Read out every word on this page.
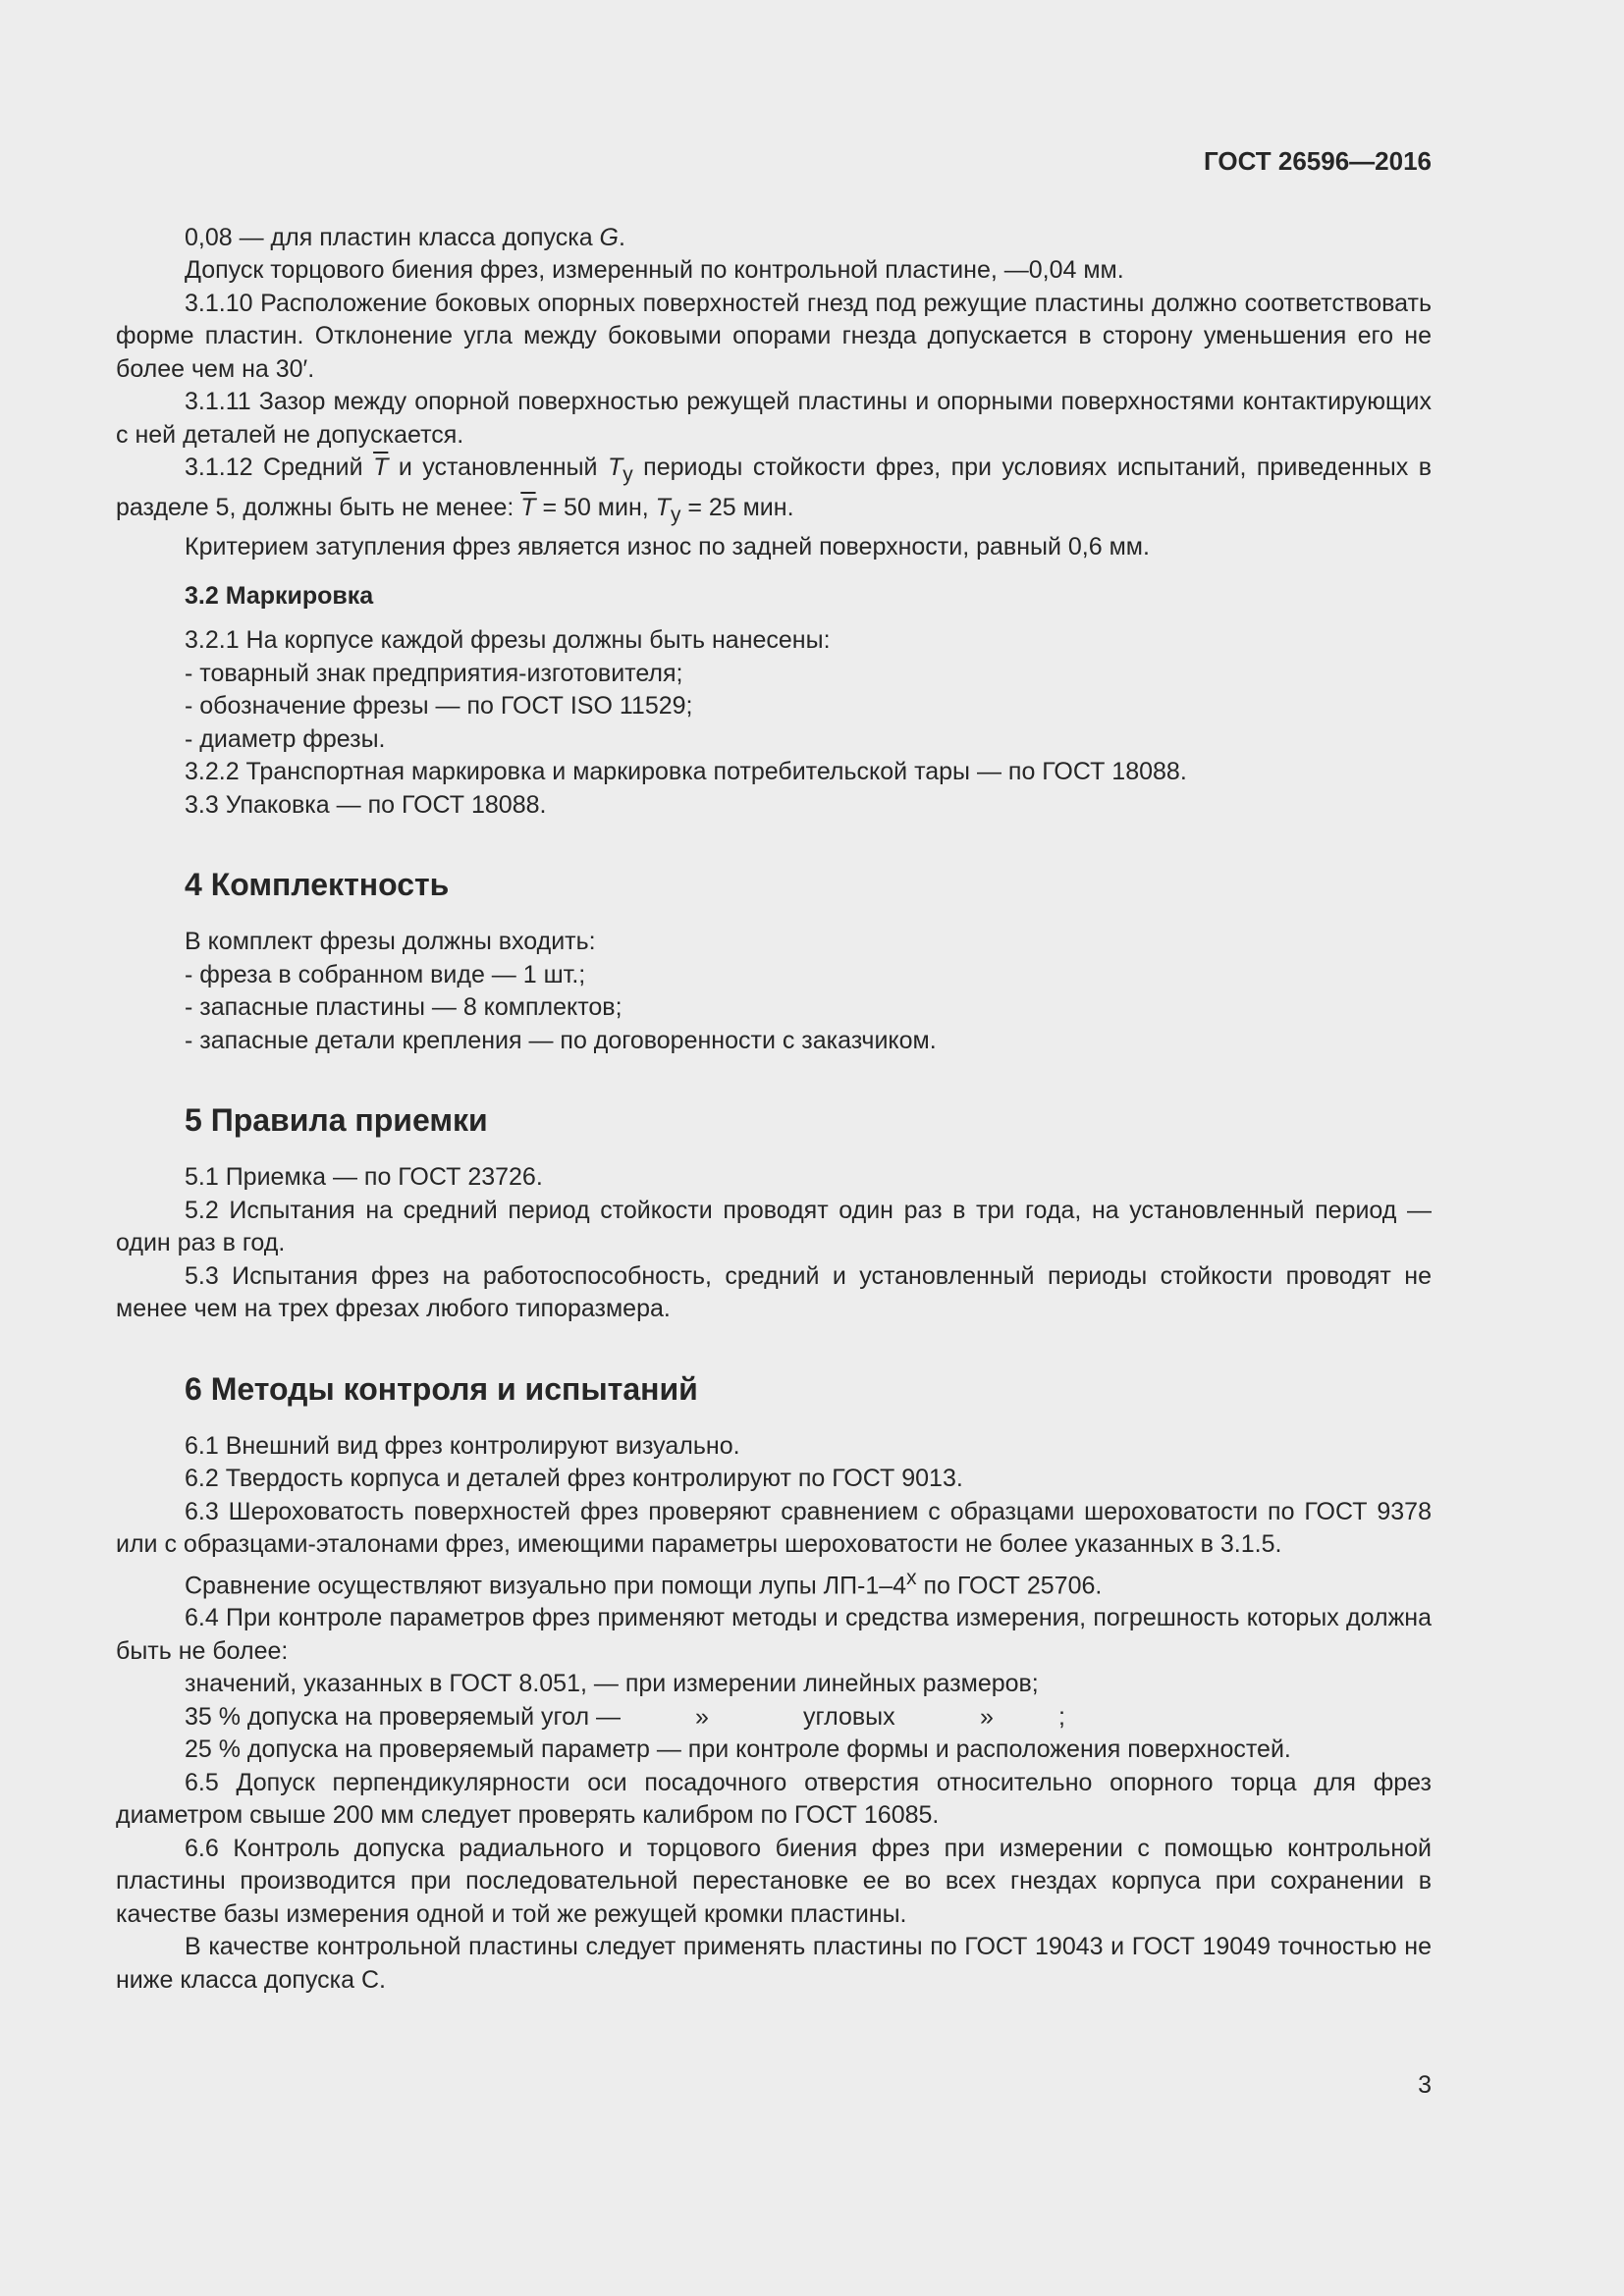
ГОСТ 26596—2016

0,08 — для пластин класса допуска G.

Допуск торцового биения фрез, измеренный по контрольной пластине, —0,04 мм.

3.1.10 Расположение боковых опорных поверхностей гнезд под режущие пластины должно соответствовать форме пластин. Отклонение угла между боковыми опорами гнезда допускается в сторону уменьшения его не более чем на 30′.

3.1.11 Зазор между опорной поверхностью режущей пластины и опорными поверхностями контактирующих с ней деталей не допускается.

3.1.12 Средний $\overline{T}$ и установленный $T_у$ периоды стойкости фрез, при условиях испытаний, приведенных в разделе 5, должны быть не менее: $\overline{T} = 50$ мин, $T_у = 25$ мин.

Критерием затупления фрез является износ по задней поверхности, равный 0,6 мм.

3.2 Маркировка

3.2.1 На корпусе каждой фрезы должны быть нанесены:

- товарный знак предприятия-изготовителя;

- обозначение фрезы — по ГОСТ ISO 11529;

- диаметр фрезы.

3.2.2 Транспортная маркировка и маркировка потребительской тары — по ГОСТ 18088.

3.3 Упаковка — по ГОСТ 18088.

4 Комплектность

В комплект фрезы должны входить:

- фреза в собранном виде — 1 шт.;

- запасные пластины — 8 комплектов;

- запасные детали крепления — по договоренности с заказчиком.

5 Правила приемки

5.1 Приемка — по ГОСТ 23726.

5.2 Испытания на средний период стойкости проводят один раз в три года, на установленный период — один раз в год.

5.3 Испытания фрез на работоспособность, средний и установленный периоды стойкости проводят не менее чем на трех фрезах любого типоразмера.

6 Методы контроля и испытаний

6.1 Внешний вид фрез контролируют визуально.

6.2 Твердость корпуса и деталей фрез контролируют по ГОСТ 9013.

6.3 Шероховатость поверхностей фрез проверяют сравнением с образцами шероховатости по ГОСТ 9378 или с образцами-эталонами фрез, имеющими параметры шероховатости не более указанных в 3.1.5.

Сравнение осуществляют визуально при помощи лупы $ЛП-1-4^х$ по ГОСТ 25706.

6.4 При контроле параметров фрез применяют методы и средства измерения, погрешность которых должна быть не более:

значений, указанных в ГОСТ 8.051, — при измерении линейных размеров;

35 % допуска на проверяемый угол —	»	угловых	»	;

25 % допуска на проверяемый параметр — при контроле формы и расположения поверхностей.

6.5 Допуск перпендикулярности оси посадочного отверстия относительно опорного торца для фрез диаметром свыше 200 мм следует проверять калибром по ГОСТ 16085.

6.6 Контроль допуска радиального и торцового биения фрез при измерении с помощью контрольной пластины производится при последовательной перестановке ее во всех гнездах корпуса при сохранении в качестве базы измерения одной и той же режущей кромки пластины.

В качестве контрольной пластины следует применять пластины по ГОСТ 19043 и ГОСТ 19049 точностью не ниже класса допуска С.

3
